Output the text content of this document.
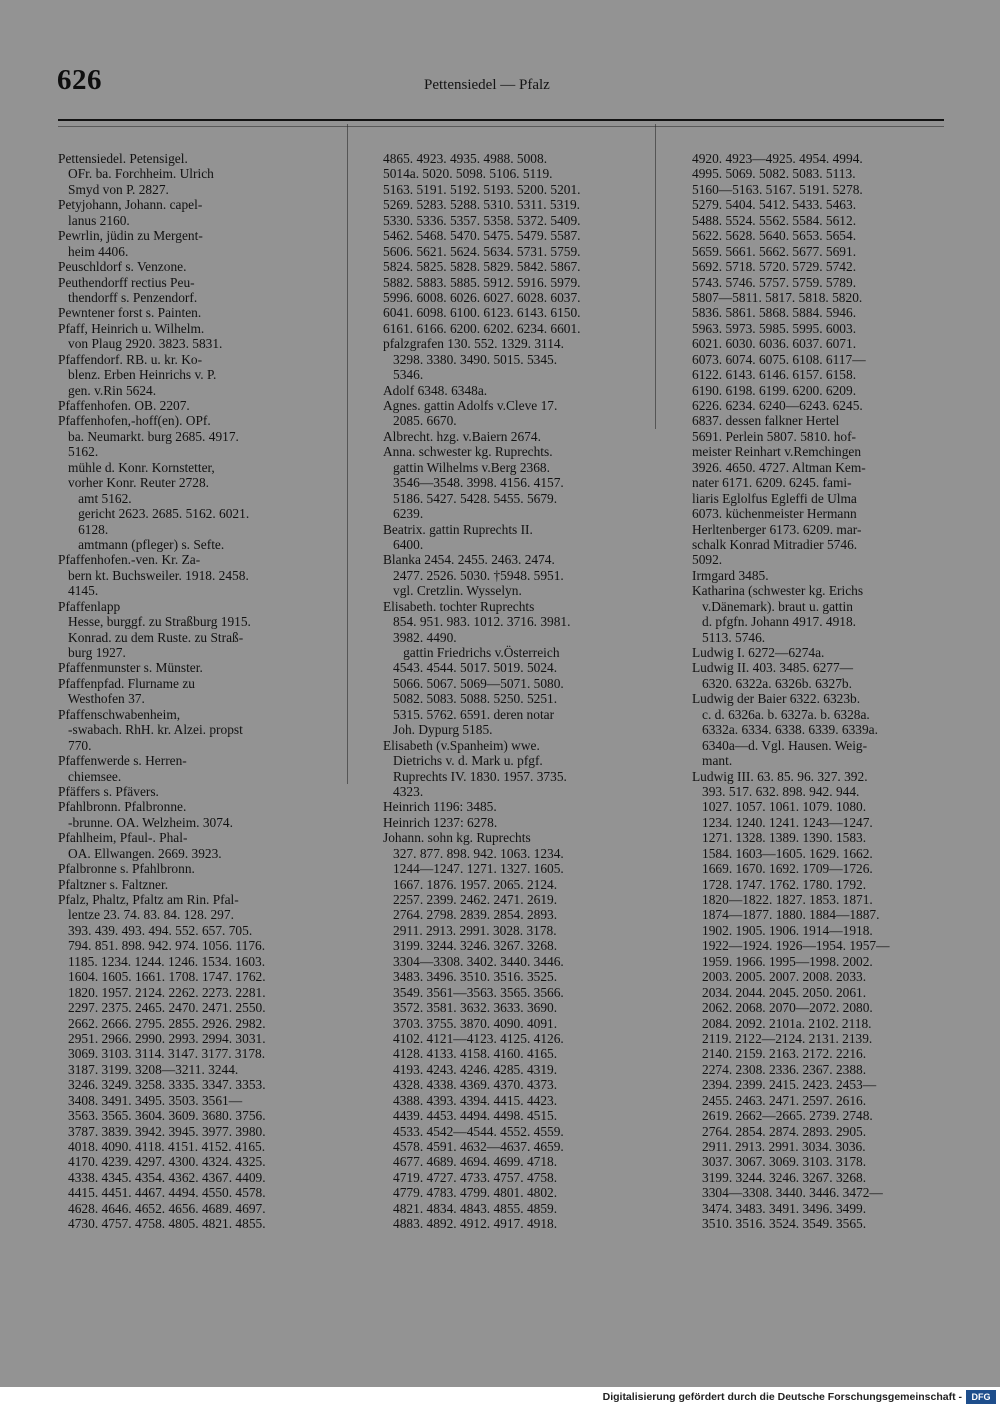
626	Pettensiedel — Pfalz
Pettensiedel. Petensigel.
OFr. ba. Forchheim. Ulrich
Smyd von P. 2827.
Petyjohann, Johann. capel-
lanus 2160.
Pewrlin, jüdin zu Mergent-
heim 4406.
Peuschldorf s. Venzone.
Peuthendorff rectius Peu-
thendorff s. Penzendorf.
Pewntener forst s. Painten.
Pfaff, Heinrich u. Wilhelm.
von Plaug 2920. 3823. 5831.
Pfaffendorf. RB. u. kr. Ko-
blenz. Erben Heinrichs v. P.
gen. v.Rin 5624.
Pfaffenhofen. OB. 2207.
Pfaffenhofen,-hoff(en). OPf.
ba. Neumarkt. burg 2685. 4917.
5162.
mühle d. Konr. Kornstetter,
vorher Konr. Reuter 2728.
amt 5162.
gericht 2623. 2685. 5162. 6021.
6128.
amtmann (pfleger) s. Sefte.
Pfaffenhofen.-ven. Kr. Za-
bern kt. Buchsweiler. 1918. 2458.
4145.
Pfaffenlapp
Hesse, burggf. zu Straßburg 1915.
Konrad. zu dem Ruste. zu Straß-
burg 1927.
Pfaffenmunster s. Münster.
Pfaffenpfad. Flurname zu
Westhofen 37.
Pfaffenschwabenheim,
-swabach. RhH. kr. Alzei. propst
770.
Pfaffenwerde s. Herren-
chiemsee.
Pfäffers s. Pfävers.
Pfahlbronn. Pfalbronne.
-brunne. OA. Welzheim. 3074.
Pfahlheim, Pfaul-. Phal-
OA. Ellwangen. 2669. 3923.
Pfalbronne s. Pfahlbronn.
Pfaltzner s. Faltzner.
Pfalz, Phaltz, Pfaltz am Rin. Pfal-
lentze 23. 74. 83. 84. 128. 297.
393. 439. 493. 494. 552. 657. 705.
794. 851. 898. 942. 974. 1056. 1176.
1185. 1234. 1244. 1246. 1534. 1603.
1604. 1605. 1661. 1708. 1747. 1762.
1820. 1957. 2124. 2262. 2273. 2281.
2297. 2375. 2465. 2470. 2471. 2550.
2662. 2666. 2795. 2855. 2926. 2982.
2951. 2966. 2990. 2993. 2994. 3031.
3069. 3103. 3114. 3147. 3177. 3178.
3187. 3199. 3208—3211. 3244.
3246. 3249. 3258. 3335. 3347. 3353.
3408. 3491. 3495. 3503. 3561—
3563. 3565. 3604. 3609. 3680. 3756.
3787. 3839. 3942. 3945. 3977. 3980.
4018. 4090. 4118. 4151. 4152. 4165.
4170. 4239. 4297. 4300. 4324. 4325.
4338. 4345. 4354. 4362. 4367. 4409.
4415. 4451. 4467. 4494. 4550. 4578.
4628. 4646. 4652. 4656. 4689. 4697.
4730. 4757. 4758. 4805. 4821. 4855.
4865. 4923. 4935. 4988. 5008.
5014a. 5020. 5098. 5106. 5119.
5163. 5191. 5192. 5193. 5200. 5201.
5269. 5283. 5288. 5310. 5311. 5319.
5330. 5336. 5357. 5358. 5372. 5409.
5462. 5468. 5470. 5475. 5479. 5587.
5606. 5621. 5624. 5634. 5731. 5759.
5824. 5825. 5828. 5829. 5842. 5867.
5882. 5883. 5885. 5912. 5916. 5979.
5996. 6008. 6026. 6027. 6028. 6037.
6041. 6098. 6100. 6123. 6143. 6150.
6161. 6166. 6200. 6202. 6234. 6601.
pfalzgrafen 130. 552. 1329. 3114.
3298. 3380. 3490. 5015. 5345.
5346.
Adolf 6348. 6348a.
Agnes. gattin Adolfs v.Cleve 17.
2085. 6670.
Albrecht. hzg. v.Baiern 2674.
Anna. schwester kg. Ruprechts.
gattin Wilhelms v.Berg 2368.
3546—3548. 3998. 4156. 4157.
5186. 5427. 5428. 5455. 5679.
6239.
Beatrix. gattin Ruprechts II.
6400.
Blanka 2454. 2455. 2463. 2474.
2477. 2526. 5030. †5948. 5951.
vgl. Cretzlin. Wysselyn.
Elisabeth. tochter Ruprechts
854. 951. 983. 1012. 3716. 3981.
3982. 4490.
gattin Friedrichs v.Österreich
4543. 4544. 5017. 5019. 5024.
5066. 5067. 5069—5071. 5080.
5082. 5083. 5088. 5250. 5251.
5315. 5762. 6591. deren notar
Joh. Dypurg 5185.
Elisabeth (v.Spanheim) wwe.
Dietrichs v. d. Mark u. pfgf.
Ruprechts IV. 1830. 1957. 3735.
4323.
Heinrich 1196: 3485.
Heinrich 1237: 6278.
Johann. sohn kg. Ruprechts
327. 877. 898. 942. 1063. 1234.
1244—1247. 1271. 1327. 1605.
1667. 1876. 1957. 2065. 2124.
2257. 2399. 2462. 2471. 2619.
2764. 2798. 2839. 2854. 2893.
2911. 2913. 2991. 3028. 3178.
3199. 3244. 3246. 3267. 3268.
3304—3308. 3402. 3440. 3446.
3483. 3496. 3510. 3516. 3525.
3549. 3561—3563. 3565. 3566.
3572. 3581. 3632. 3633. 3690.
3703. 3755. 3870. 4090. 4091.
4102. 4121—4123. 4125. 4126.
4128. 4133. 4158. 4160. 4165.
4193. 4243. 4246. 4285. 4319.
4328. 4338. 4369. 4370. 4373.
4388. 4393. 4394. 4415. 4423.
4439. 4453. 4494. 4498. 4515.
4533. 4542—4544. 4552. 4559.
4578. 4591. 4632—4637. 4659.
4677. 4689. 4694. 4699. 4718.
4719. 4727. 4733. 4757. 4758.
4779. 4783. 4799. 4801. 4802.
4821. 4834. 4843. 4855. 4859.
4883. 4892. 4912. 4917. 4918.
4920. 4923—4925. 4954. 4994.
4995. 5069. 5082. 5083. 5113.
5160—5163. 5167. 5191. 5278.
5279. 5404. 5412. 5433. 5463.
5488. 5524. 5562. 5584. 5612.
5622. 5628. 5640. 5653. 5654.
5659. 5661. 5662. 5677. 5691.
5692. 5718. 5720. 5729. 5742.
5743. 5746. 5757. 5759. 5789.
5807—5811. 5817. 5818. 5820.
5836. 5861. 5868. 5884. 5946.
5963. 5973. 5985. 5995. 6003.
6021. 6030. 6036. 6037. 6071.
6073. 6074. 6075. 6108. 6117—
6122. 6143. 6146. 6157. 6158.
6190. 6198. 6199. 6200. 6209.
6226. 6234. 6240—6243. 6245.
6837. dessen falkner Hertel
5691. Perlein 5807. 5810. hof-
meister Reinhart v.Remchingen
3926. 4650. 4727. Altman Kem-
nater 6171. 6209. 6245. fami-
liaris Eglolfus Egleffi de Ulma
6073. küchenmeister Hermann
Herltenberger 6173. 6209. mar-
schalk Konrad Mitradier 5746.
5092.
Irmgard 3485.
Katharina (schwester kg. Erichs
v.Dänemark). braut u. gattin
d. pfgfn. Johann 4917. 4918.
5113. 5746.
Ludwig I. 6272—6274a.
Ludwig II. 403. 3485. 6277—
6320. 6322a. 6326b. 6327b.
Ludwig der Baier 6322. 6323b.
c. d. 6326a. b. 6327a. b. 6328a.
6332a. 6334. 6338. 6339. 6339a.
6340a—d. Vgl. Hausen. Weig-
mant.
Ludwig III. 63. 85. 96. 327. 392.
393. 517. 632. 898. 942. 944.
1027. 1057. 1061. 1079. 1080.
1234. 1240. 1241. 1243—1247.
1271. 1328. 1389. 1390. 1583.
1584. 1603—1605. 1629. 1662.
1669. 1670. 1692. 1709—1726.
1728. 1747. 1762. 1780. 1792.
1820—1822. 1827. 1853. 1871.
1874—1877. 1880. 1884—1887.
1902. 1905. 1906. 1914—1918.
1922—1924. 1926—1954. 1957—
1959. 1966. 1995—1998. 2002.
2003. 2005. 2007. 2008. 2033.
2034. 2044. 2045. 2050. 2061.
2062. 2068. 2070—2072. 2080.
2084. 2092. 2101a. 2102. 2118.
2119. 2122—2124. 2131. 2139.
2140. 2159. 2163. 2172. 2216.
2274. 2308. 2336. 2367. 2388.
2394. 2399. 2415. 2423. 2453—
2455. 2463. 2471. 2597. 2616.
2619. 2662—2665. 2739. 2748.
2764. 2854. 2874. 2893. 2905.
2911. 2913. 2991. 3034. 3036.
3037. 3067. 3069. 3103. 3178.
3199. 3244. 3246. 3267. 3268.
3304—3308. 3440. 3446. 3472—
3474. 3483. 3491. 3496. 3499.
3510. 3516. 3524. 3549. 3565.
Digitalisierung gefördert durch die Deutsche Forschungsgemeinschaft -	DFG
